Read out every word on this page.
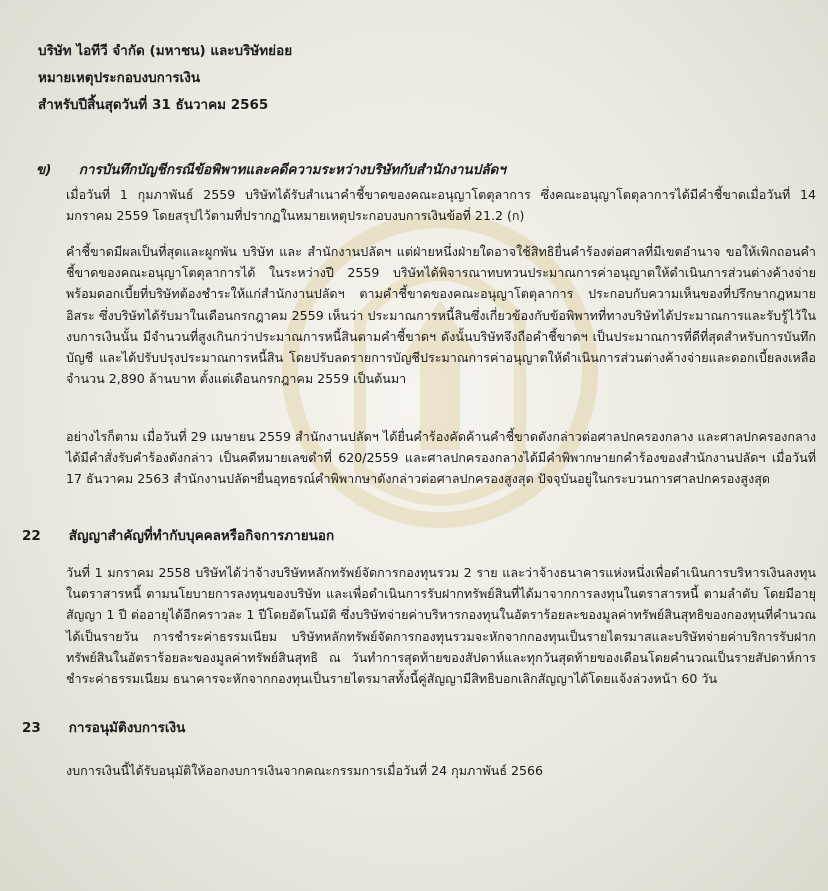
บริษัท ไอทีวี จำกัด (มหาชน) และบริษัทย่อย
หมายเหตุประกอบงบการเงิน
สำหรับปีสิ้นสุดวันที่ 31 ธันวาคม 2565
ข) การบันทึกบัญชีกรณีข้อพิพาทและคดีความระหว่างบริษัทกับสำนักงานปลัดฯ
เมื่อวันที่ 1 กุมภาพันธ์ 2559 บริษัทได้รับสำเนาคำชี้ขาดของคณะอนุญาโตตุลาการ ซึ่งคณะอนุญาโตตุลาการได้มีคำชี้ขาดเมื่อวันที่ 14 มกราคม 2559 โดยสรุปไว้ตามที่ปรากฏในหมายเหตุประกอบงบการเงินข้อที่ 21.2 (ก)
คำชี้ขาดมีผลเป็นที่สุดและผูกพัน บริษัท และ สำนักงานปลัดฯ แต่ฝ่ายหนึ่งฝ่ายใดอาจใช้สิทธิยื่นคำร้องต่อศาลที่มีเขตอำนาจ ขอให้เพิกถอนคำชี้ขาดของคณะอนุญาโตตุลาการได้ ในระหว่างปี 2559 บริษัทได้พิจารณาทบทวนประมาณการค่าอนุญาตให้ดำเนินการส่วนต่างค้างจ่ายพร้อมดอกเบี้ยที่บริษัทต้องชำระให้แก่สำนักงานปลัดฯ ตามคำชี้ขาดของคณะอนุญาโตตุลาการ ประกอบกับความเห็นของที่ปรึกษากฎหมายอิสระ ซึ่งบริษัทได้รับมาในเดือนกรกฎาคม 2559 เห็นว่า ประมาณการหนี้สินซึ่งเกี่ยวข้องกับข้อพิพาทที่ทางบริษัทได้ประมาณการและรับรู้ไว้ในงบการเงินนั้น มีจำนวนที่สูงเกินกว่าประมาณการหนี้สินตามคำชี้ขาดฯ ดังนั้นบริษัทจึงถือคำชี้ขาดฯ เป็นประมาณการที่ดีที่สุดสำหรับการบันทึกบัญชี และได้ปรับปรุงประมาณการหนี้สิน โดยปรับลดรายการบัญชีประมาณการค่าอนุญาตให้ดำเนินการส่วนต่างค้างจ่ายและดอกเบี้ยลงเหลือ จำนวน 2,890 ล้านบาท ตั้งแต่เดือนกรกฎาคม 2559 เป็นต้นมา
อย่างไรก็ตาม เมื่อวันที่ 29 เมษายน 2559 สำนักงานปลัดฯ ได้ยื่นคำร้องคัดค้านคำชี้ขาดดังกล่าวต่อศาลปกครองกลาง และศาลปกครองกลางได้มีคำสั่งรับคำร้องดังกล่าว เป็นคดีหมายเลขดำที่ 620/2559 และศาลปกครองกลางได้มีคำพิพากษายกคำร้องของสำนักงานปลัดฯ เมื่อวันที่ 17 ธันวาคม 2563 สำนักงานปลัดฯยื่นอุทธรณ์คำพิพากษาดังกล่าวต่อศาลปกครองสูงสุด ปัจจุบันอยู่ในกระบวนการศาลปกครองสูงสุด
22 สัญญาสำคัญที่ทำกับบุคคลหรือกิจการภายนอก
วันที่ 1 มกราคม 2558 บริษัทได้ว่าจ้างบริษัทหลักทรัพย์จัดการกองทุนรวม 2 ราย และว่าจ้างธนาคารแห่งหนึ่งเพื่อดำเนินการบริหารเงินลงทุนในตราสารหนี้ ตามนโยบายการลงทุนของบริษัท และเพื่อดำเนินการรับฝากทรัพย์สินที่ได้มาจากการลงทุนในตราสารหนี้ ตามลำดับ โดยมีอายุสัญญา 1 ปี ต่ออายุได้อีกคราวละ 1 ปีโดยอัตโนมัติ ซึ่งบริษัทจ่ายค่าบริหารกองทุนในอัตราร้อยละของมูลค่าทรัพย์สินสุทธิของกองทุนที่คำนวณได้เป็นรายวัน การชำระค่าธรรมเนียม บริษัทหลักทรัพย์จัดการกองทุนรวมจะหักจากกองทุนเป็นรายไตรมาสและบริษัทจ่ายค่าบริการรับฝากทรัพย์สินในอัตราร้อยละของมูลค่าทรัพย์สินสุทธิ ณ วันทำการสุดท้ายของสัปดาห์และทุกวันสุดท้ายของเดือนโดยคำนวณเป็นรายสัปดาห์การชำระค่าธรรมเนียม ธนาคารจะหักจากกองทุนเป็นรายไตรมาสทั้งนี้คู่สัญญามีสิทธิบอกเลิกสัญญาได้โดยแจ้งล่วงหน้า 60 วัน
23 การอนุมัติงบการเงิน
งบการเงินนี้ได้รับอนุมัติให้ออกงบการเงินจากคณะกรรมการเมื่อวันที่ 24 กุมภาพันธ์ 2566
